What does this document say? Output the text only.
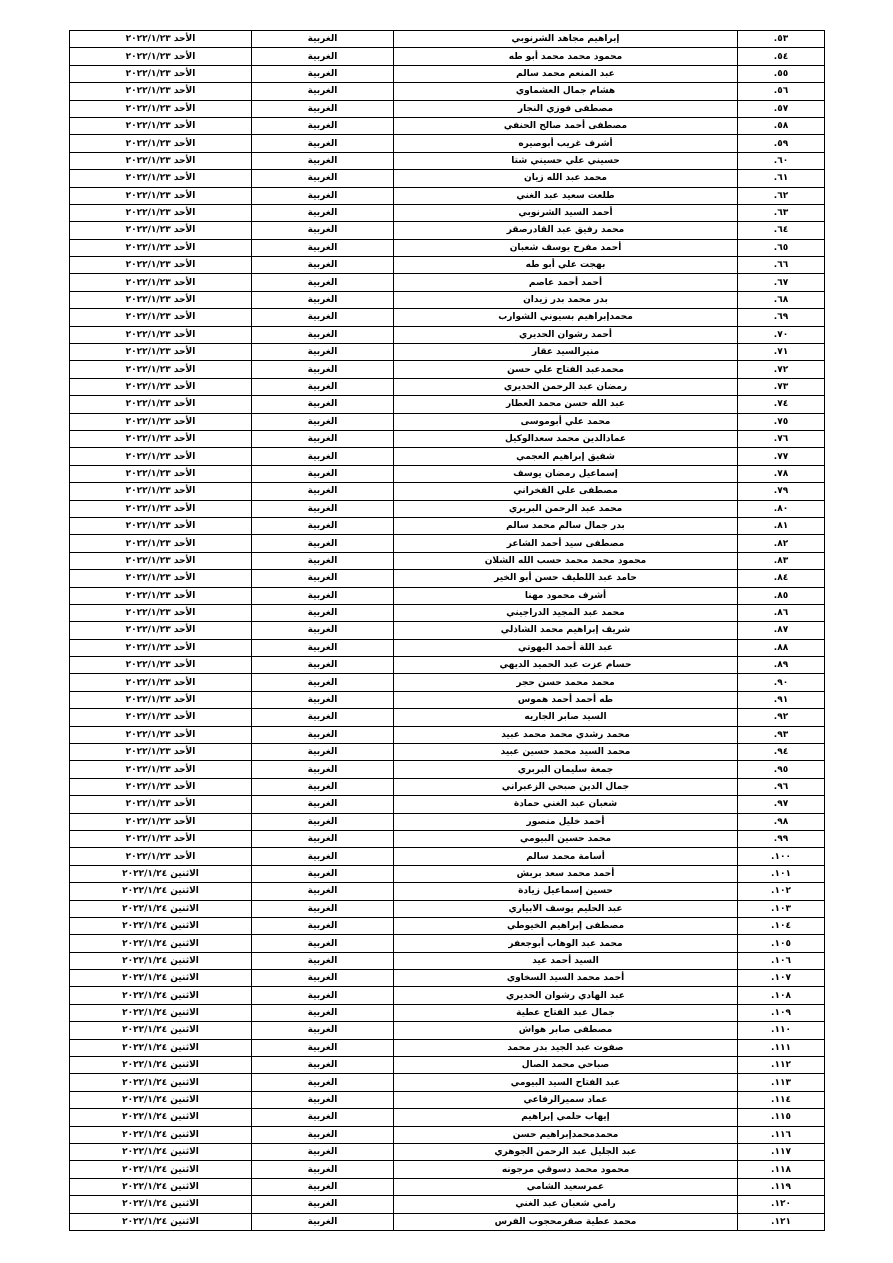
٥٣.	إبراهيم مجاهد الشرنوبي	الغربية	الأحد ٢٠٢٢/١/٢٣
٥٤.	محمود محمد محمد أبو طه	الغربية	الأحد ٢٠٢٢/١/٢٣
٥٥.	عبد المنعم محمد سالم	الغربية	الأحد ٢٠٢٢/١/٢٣
٥٦.	هشام جمال العشماوي	الغربية	الأحد ٢٠٢٢/١/٢٣
٥٧.	مصطفى فوزي النجار	الغربية	الأحد ٢٠٢٢/١/٢٣
٥٨.	مصطفى أحمد صالح الحنفي	الغربية	الأحد ٢٠٢٢/١/٢٣
٥٩.	أشرف غريب أبوصيره	الغربية	الأحد ٢٠٢٢/١/٢٣
٦٠.	حسيني علي حسيني شتا	الغربية	الأحد ٢٠٢٢/١/٢٣
٦١.	محمد عبد الله زيان	الغربية	الأحد ٢٠٢٢/١/٢٣
٦٢.	طلعت سعيد عبد الغني	الغربية	الأحد ٢٠٢٢/١/٢٣
٦٣.	أحمد السيد الشرنوبي	الغربية	الأحد ٢٠٢٢/١/٢٣
٦٤.	محمد رفيق عبد القادرصقر	الغربية	الأحد ٢٠٢٢/١/٢٣
٦٥.	أحمد مفرح يوسف شعبان	الغربية	الأحد ٢٠٢٢/١/٢٣
٦٦.	بهجت علي أبو طه	الغربية	الأحد ٢٠٢٢/١/٢٣
٦٧.	أحمد أحمد عاصم	الغربية	الأحد ٢٠٢٢/١/٢٣
٦٨.	بدر محمد بدر زيدان	الغربية	الأحد ٢٠٢٢/١/٢٣
٦٩.	محمدإبراهيم بسيوني الشوارب	الغربية	الأحد ٢٠٢٢/١/٢٣
٧٠.	أحمد رشوان الحديري	الغربية	الأحد ٢٠٢٢/١/٢٣
٧١.	منيرالسيد عقار	الغربية	الأحد ٢٠٢٢/١/٢٣
٧٢.	محمدعبد الفتاح علي حسن	الغربية	الأحد ٢٠٢٢/١/٢٣
٧٣.	رمضان عبد الرحمن الحديري	الغربية	الأحد ٢٠٢٢/١/٢٣
٧٤.	عبد الله حسن محمد العطار	الغربية	الأحد ٢٠٢٢/١/٢٣
٧٥.	محمد علي أبوموسى	الغربية	الأحد ٢٠٢٢/١/٢٣
٧٦.	عمادالدين محمد سعدالوكيل	الغربية	الأحد ٢٠٢٢/١/٢٣
٧٧.	شفيق إبراهيم العجمي	الغربية	الأحد ٢٠٢٢/١/٢٣
٧٨.	إسماعيل رمضان يوسف	الغربية	الأحد ٢٠٢٢/١/٢٣
٧٩.	مصطفى علي الفخراني	الغربية	الأحد ٢٠٢٢/١/٢٣
٨٠.	محمد عبد الرحمن البربري	الغربية	الأحد ٢٠٢٢/١/٢٣
٨١.	بدر جمال سالم محمد سالم	الغربية	الأحد ٢٠٢٢/١/٢٣
٨٢.	مصطفى سيد أحمد الشاعر	الغربية	الأحد ٢٠٢٢/١/٢٣
٨٣.	محمود محمد محمد حسب الله الشلان	الغربية	الأحد ٢٠٢٢/١/٢٣
٨٤.	حامد عبد اللطيف حسن أبو الخير	الغربية	الأحد ٢٠٢٢/١/٢٣
٨٥.	أشرف محمود مهنا	الغربية	الأحد ٢٠٢٢/١/٢٣
٨٦.	محمد عبد المجيد الدراجيني	الغربية	الأحد ٢٠٢٢/١/٢٣
٨٧.	شريف إبراهيم محمد الشاذلي	الغربية	الأحد ٢٠٢٢/١/٢٣
٨٨.	عبد اللة أحمد البهوتي	الغربية	الأحد ٢٠٢٢/١/٢٣
٨٩.	حسام عزت عبد الحميد الديهي	الغربية	الأحد ٢٠٢٢/١/٢٣
٩٠.	محمد محمد حسن حجر	الغربية	الأحد ٢٠٢٢/١/٢٣
٩١.	طه أحمد أحمد هموس	الغربية	الأحد ٢٠٢٢/١/٢٣
٩٢.	السيد صابر الجاريه	الغربية	الأحد ٢٠٢٢/١/٢٣
٩٣.	محمد رشدي محمد محمد عبيد	الغربية	الأحد ٢٠٢٢/١/٢٣
٩٤.	محمد السيد محمد حسين عبيد	الغربية	الأحد ٢٠٢٢/١/٢٣
٩٥.	جمعة سليمان البربري	الغربية	الأحد ٢٠٢٢/١/٢٣
٩٦.	جمال الدين صبحي الزعبراني	الغربية	الأحد ٢٠٢٢/١/٢٣
٩٧.	شعبان عبد الغني حمادة	الغربية	الأحد ٢٠٢٢/١/٢٣
٩٨.	أحمد خليل منصور	الغربية	الأحد ٢٠٢٢/١/٢٣
٩٩.	محمد حسين البيومي	الغربية	الأحد ٢٠٢٢/١/٢٣
١٠٠.	أسامة محمد سالم	الغربية	الأحد ٢٠٢٢/١/٢٣
١٠١.	أحمد محمد سعد بربش	الغربية	الاثنين ٢٠٢٢/١/٢٤
١٠٢.	حسين إسماعيل زيادة	الغربية	الاثنين ٢٠٢٢/١/٢٤
١٠٣.	عبد الحليم يوسف الابياري	الغربية	الاثنين ٢٠٢٢/١/٢٤
١٠٤.	مصطفى إبراهيم الخيوطي	الغربية	الاثنين ٢٠٢٢/١/٢٤
١٠٥.	محمد عبد الوهاب أبوجعفر	الغربية	الاثنين ٢٠٢٢/١/٢٤
١٠٦.	السيد أحمد عيد	الغربية	الاثنين ٢٠٢٢/١/٢٤
١٠٧.	أحمد محمد السيد السخاوي	الغربية	الاثنين ٢٠٢٢/١/٢٤
١٠٨.	عبد الهادي رشوان الحديري	الغربية	الاثنين ٢٠٢٢/١/٢٤
١٠٩.	جمال عبد الفتاح عطية	الغربية	الاثنين ٢٠٢٢/١/٢٤
١١٠.	مصطفى صابر هواش	الغربية	الاثنين ٢٠٢٢/١/٢٤
١١١.	صفوت عبد الجيد بدر محمد	الغربية	الاثنين ٢٠٢٢/١/٢٤
١١٢.	صباحي محمد الصال	الغربية	الاثنين ٢٠٢٢/١/٢٤
١١٣.	عبد الفتاح السيد البيومي	الغربية	الاثنين ٢٠٢٢/١/٢٤
١١٤.	عماد سميرالرفاعي	الغربية	الاثنين ٢٠٢٢/١/٢٤
١١٥.	إيهاب حلمي إبراهيم	الغربية	الاثنين ٢٠٢٢/١/٢٤
١١٦.	محمدمحمدإبراهيم حسن	الغربية	الاثنين ٢٠٢٢/١/٢٤
١١٧.	عبد الجليل عبد الرحمن الجوهري	الغربية	الاثنين ٢٠٢٢/١/٢٤
١١٨.	محمود محمد دسوقي مرجونه	الغربية	الاثنين ٢٠٢٢/١/٢٤
١١٩.	عمرسعيد الشامي	الغربية	الاثنين ٢٠٢٢/١/٢٤
١٢٠.	رامي شعبان عبد الغني	الغربية	الاثنين ٢٠٢٢/١/٢٤
١٢١.	محمد عطية صقرمحجوب الفرس	الغربية	الاثنين ٢٠٢٢/١/٢٤
